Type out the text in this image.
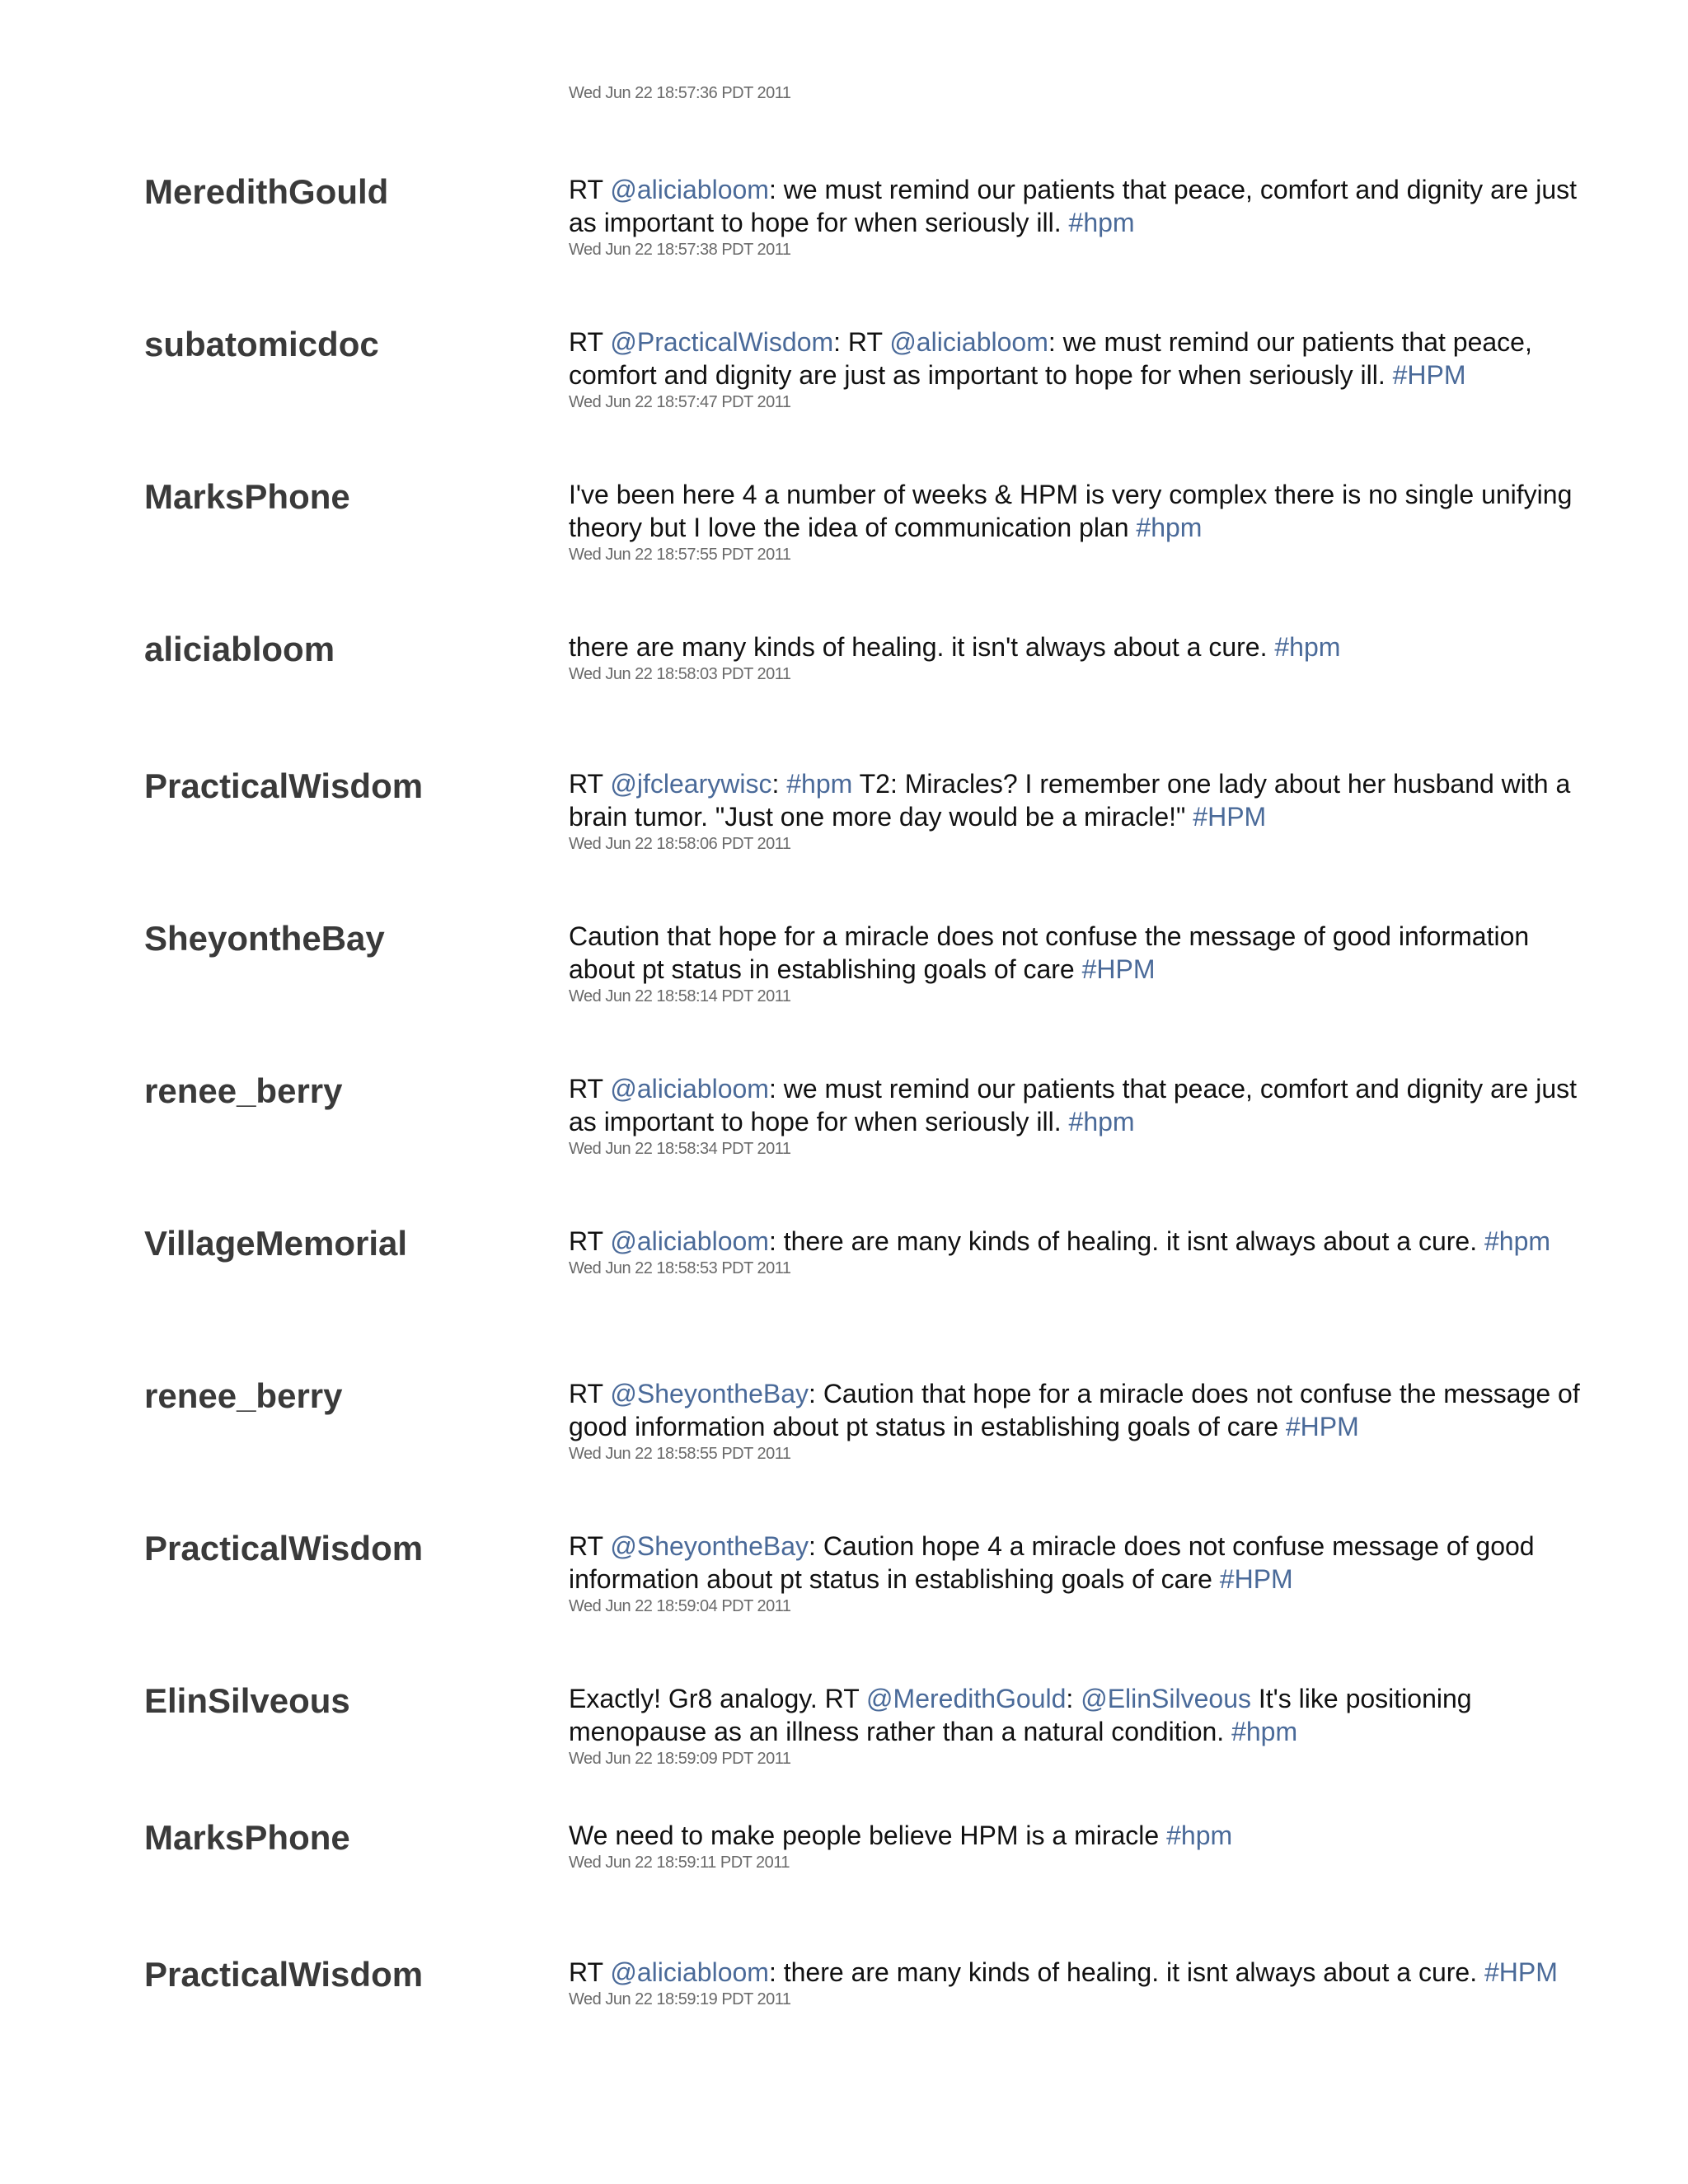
Wed Jun 22 18:57:36 PDT 2011
MeredithGould	RT @aliciabloom: we must remind our patients that peace, comfort and dignity are just as important to hope for when seriously ill. #hpm
Wed Jun 22 18:57:38 PDT 2011
subatomicdoc	RT @PracticalWisdom: RT @aliciabloom: we must remind our patients that peace, comfort and dignity are just as important to hope for when seriously ill. #HPM
Wed Jun 22 18:57:47 PDT 2011
MarksPhone	I've been here 4 a number of weeks & HPM is very complex there is no single unifying theory but I love the idea of communication plan #hpm
Wed Jun 22 18:57:55 PDT 2011
aliciabloom	there are many kinds of healing. it isn't always about a cure. #hpm
Wed Jun 22 18:58:03 PDT 2011
PracticalWisdom	RT @jfclearywisc: #hpm T2: Miracles? I remember one lady about her husband with a brain tumor. "Just one more day would be a miracle!" #HPM
Wed Jun 22 18:58:06 PDT 2011
SheyontheBay	Caution that hope for a miracle does not confuse the message of good information about pt status in establishing goals of care #HPM
Wed Jun 22 18:58:14 PDT 2011
renee_berry	RT @aliciabloom: we must remind our patients that peace, comfort and dignity are just as important to hope for when seriously ill. #hpm
Wed Jun 22 18:58:34 PDT 2011
VillageMemorial	RT @aliciabloom: there are many kinds of healing. it isnt always about a cure. #hpm
Wed Jun 22 18:58:53 PDT 2011
renee_berry	RT @SheyontheBay: Caution that hope for a miracle does not confuse the message of good information about pt status in establishing goals of care #HPM
Wed Jun 22 18:58:55 PDT 2011
PracticalWisdom	RT @SheyontheBay: Caution hope 4 a miracle does not confuse message of good information about pt status in establishing goals of care #HPM
Wed Jun 22 18:59:04 PDT 2011
ElinSilveous	Exactly! Gr8 analogy. RT @MeredithGould: @ElinSilveous It's like positioning menopause as an illness rather than a natural condition. #hpm
Wed Jun 22 18:59:09 PDT 2011
MarksPhone	We need to make people believe HPM is a miracle #hpm
Wed Jun 22 18:59:11 PDT 2011
PracticalWisdom	RT @aliciabloom: there are many kinds of healing. it isnt always about a cure. #HPM
Wed Jun 22 18:59:19 PDT 2011
